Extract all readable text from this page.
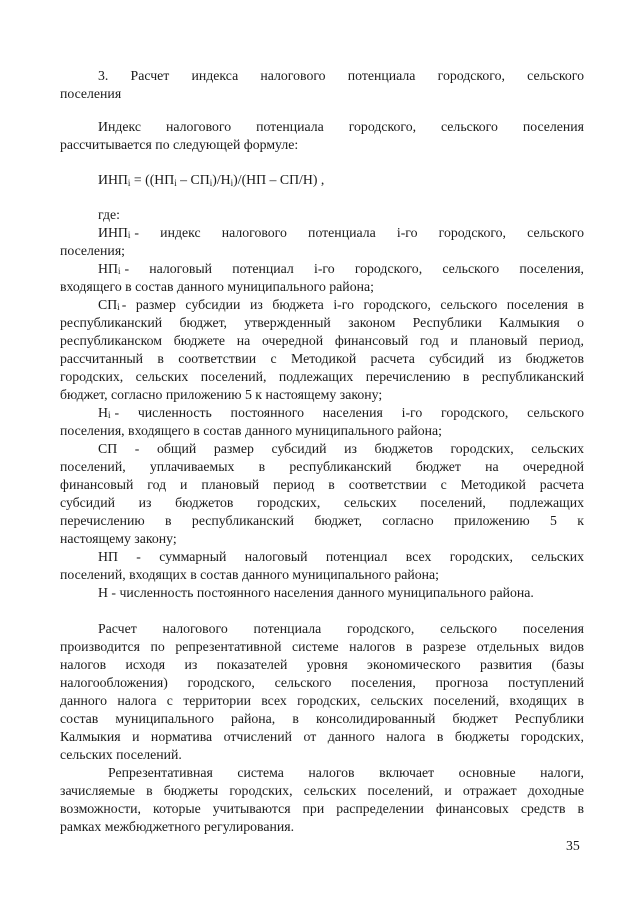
3. Расчет индекса налогового потенциала городского, сельского
поселения
Индекс налогового потенциала городского, сельского поселения
рассчитывается по следующей формуле:
ИНПi = ((НПi – СПi)/Нi)/(НП – СП/Н) ,
где:
ИНП i - индекс налогового потенциала i-го городского, сельского
поселения;
НП i - налоговый потенциал i-го городского, сельского поселения,
входящего в состав данного муниципального района;
СП i - размер субсидии из бюджета i-го городского, сельского поселения в
республиканский бюджет, утвержденный законом Республики Калмыкия о
республиканском бюджете на очередной финансовый год и плановый период,
рассчитанный в соответствии с Методикой расчета субсидий из бюджетов
городских, сельских поселений, подлежащих перечислению в республиканский
бюджет, согласно приложению 5 к настоящему закону;
Н i - численность постоянного населения i-го городского, сельского
поселения, входящего в состав данного муниципального района;
СП - общий размер субсидий из бюджетов городских, сельских
поселений, уплачиваемых в республиканский бюджет на очередной
финансовый год и плановый период в соответствии с Методикой расчета
субсидий из бюджетов городских, сельских поселений, подлежащих
перечислению в республиканский бюджет, согласно приложению 5 к
настоящему закону;
НП - суммарный налоговый потенциал всех городских, сельских
поселений, входящих в состав данного муниципального района;
Н - численность постоянного населения данного муниципального района.
Расчет налогового потенциала городского, сельского поселения
производится по репрезентативной системе налогов в разрезе отдельных видов
налогов исходя из показателей уровня экономического развития (базы
налогообложения) городского, сельского поселения, прогноза поступлений
данного налога с территории всех городских, сельских поселений, входящих в
состав муниципального района, в консолидированный бюджет Республики
Калмыкия и норматива отчислений от данного налога в бюджеты городских,
сельских поселений.
Репрезентативная система налогов включает основные налоги,
зачисляемые в бюджеты городских, сельских поселений, и отражает доходные
возможности, которые учитываются при распределении финансовых средств в
рамках межбюджетного регулирования.
35
